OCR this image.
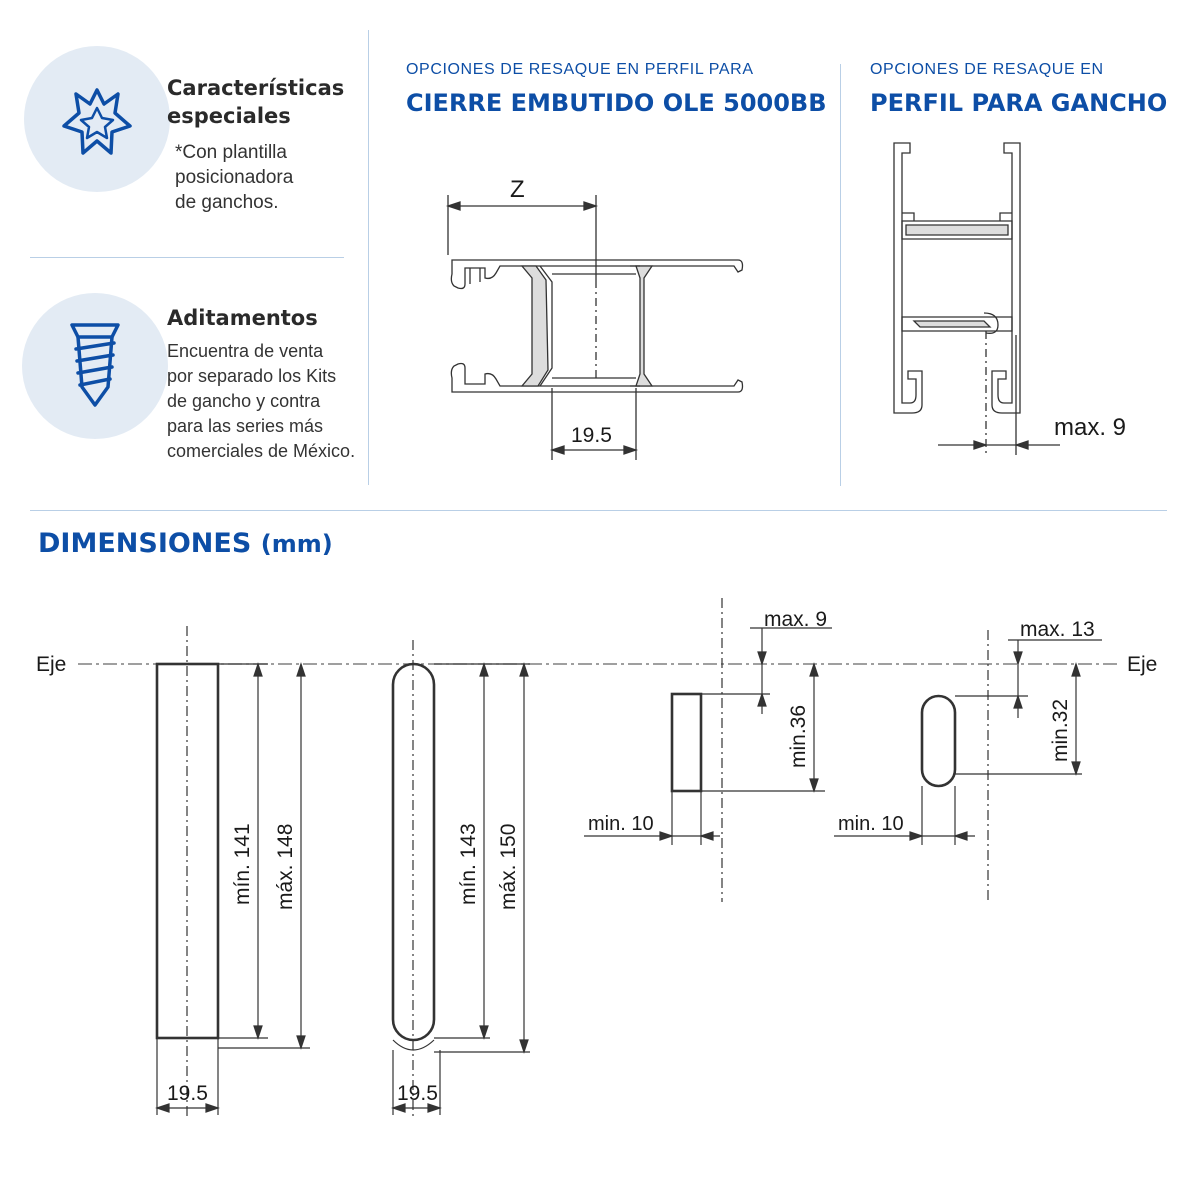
Características
especiales
*Con plantilla
posicionadora
de ganchos.
Aditamentos
Encuentra de venta
por separado los Kits
de gancho y contra
para las series más
comerciales de México.
OPCIONES DE RESAQUE EN PERFIL PARA
CIERRE EMBUTIDO OLE 5000BB
Z
19.5
OPCIONES DE RESAQUE EN
PERFIL PARA GANCHO
max. 9
DIMENSIONES (mm)
Eje	Eje
mín. 141 máx. 148
19.5
mín. 143 máx. 150
19.5
max. 9
min.36
min. 10
max. 13
min.32
min. 10
